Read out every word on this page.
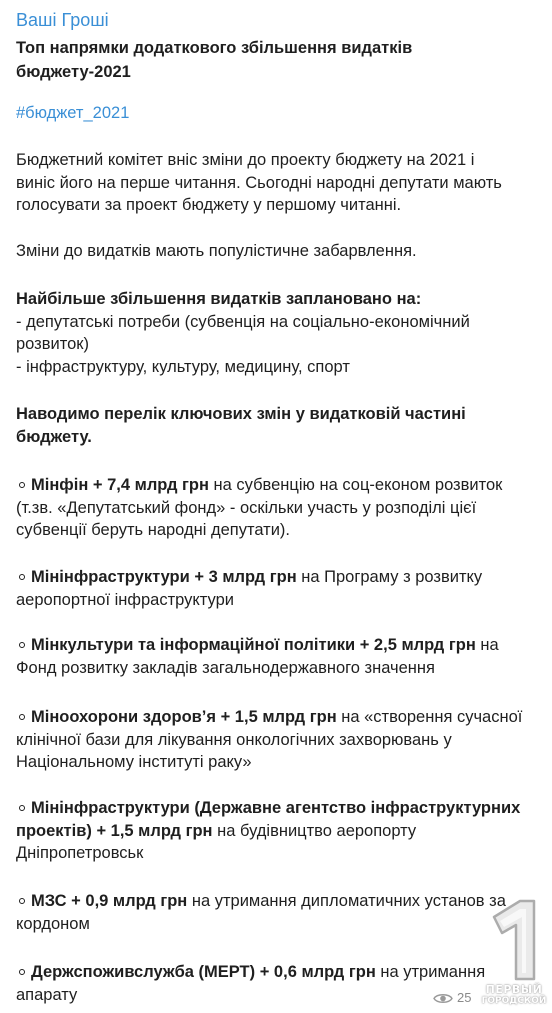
Ваші Гроші
Топ напрямки додаткового збільшення видатків
бюджету-2021
#бюджет_2021
Бюджетний комітет вніс зміни до проекту бюджету на 2021 і
виніс його на перше читання. Сьогодні народні депутати мають
голосувати за проект бюджету у першому читанні.
Зміни до видатків мають популістичне забарвлення.
Найбільше збільшення видатків заплановано на:
- депутатські потреби (субвенція на соціально-економічний
розвиток)
- інфраструктуру, культуру, медицину, спорт
Наводимо перелік ключових змін у видатковій частині
бюджету.
Мінфін + 7,4 млрд грн на субвенцію на соц-економ розвиток
(т.зв. «Депутатський фонд» - оскільки участь у розподілі цієї
субвенції беруть народні депутати).
Мінінфраструктури + 3 млрд грн на Програму з розвитку
аеропортної інфраструктури
Мінкультури та інформаційної політики + 2,5 млрд грн на
Фонд розвитку закладів загальнодержавного значення
Міноохорони здоров’я + 1,5 млрд грн на «створення сучасної
клінічної бази для лікування онкологічних захворювань у
Національному інституті раку»
Мінінфраструктури (Державне агентство інфраструктурних
проектів) + 1,5 млрд грн на будівництво аеропорту
Дніпропетровськ
МЗС + 0,9 млрд грн на утримання дипломатичних установ за
кордоном
Держспоживслужба (МЕРТ) + 0,6 млрд грн на утримання
апарату	25
ПЕРВЫЙ
ГОРОДСКОЙ
